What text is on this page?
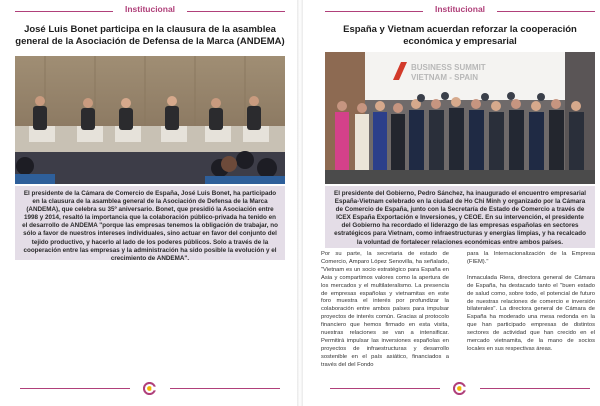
Institucional
José Luis Bonet participa en la clausura de la asamblea general de la Asociación de Defensa de la Marca (ANDEMA)
El presidente de la Cámara de Comercio de España, José Luis Bonet, ha participado en la clausura de la asamblea general de la Asociación de Defensa de la Marca (ANDEMA), que celebra su 35º aniversario. Bonet, que presidió la Asociación entre 1998 y 2014, resaltó la importancia que la colaboración público-privada ha tenido en el desarrollo de ANDEMA "porque las empresas tenemos la obligación de trabajar, no sólo a favor de nuestros intereses individuales, sino actuar en favor del conjunto del tejido productivo, y hacerlo al lado de los poderes públicos. Solo a través de la cooperación entre las empresas y la administración ha sido posible la evolución y el crecimiento de ANDEMA".
Institucional
España y Vietnam acuerdan reforzar la cooperación económica y empresarial
BUSINESS SUMMIT
VIETNAM - SPAIN
El presidente del Gobierno, Pedro Sánchez, ha inaugurado el encuentro empresarial España-Vietnam celebrado en la ciudad de Ho Chi Minh y organizado por la Cámara de Comercio de España, junto con la Secretaría de Estado de Comercio a través de ICEX España Exportación e Inversiones, y CEOE. En su intervención, el presidente del Gobierno ha recordado el liderazgo de las empresas españolas en sectores estratégicos para Vietnam, como infraestructuras y energías limpias, y ha recalcado la voluntad de fortalecer relaciones económicas entre ambos países.
Por su parte, la secretaria de estado de Comercio, Amparo López Senovilla, ha señalado, "Vietnam es un socio estratégico para España en Asia y compartimos valores como la apertura de los mercados y el multilateralismo. La presencia de empresas españolas y vietnamitas en este foro muestra el interés por profundizar la colaboración entre ambos países para impulsar proyectos de interés común. Gracias al protocolo financiero que hemos firmado en esta visita, nuestras relaciones se van a intensificar. Permitirá impulsar las inversiones españolas en proyectos de infraestructuras y desarrollo sostenible en el país asiático, financiados a través del del Fondo
para la Internacionalización de la Empresa (FIEM)."
Inmaculada Riera, directora general de Cámara de España, ha destacado tanto el "buen estado de salud como, sobre todo, el potencial de futuro de nuestras relaciones de comercio e inversión bilaterales". La directora general de Cámara de España ha moderado una mesa redonda en la que han participado empresas de distintos sectores de actividad que han crecido en el mercado vietnamita, de la mano de socios locales en sus respectivas áreas.
